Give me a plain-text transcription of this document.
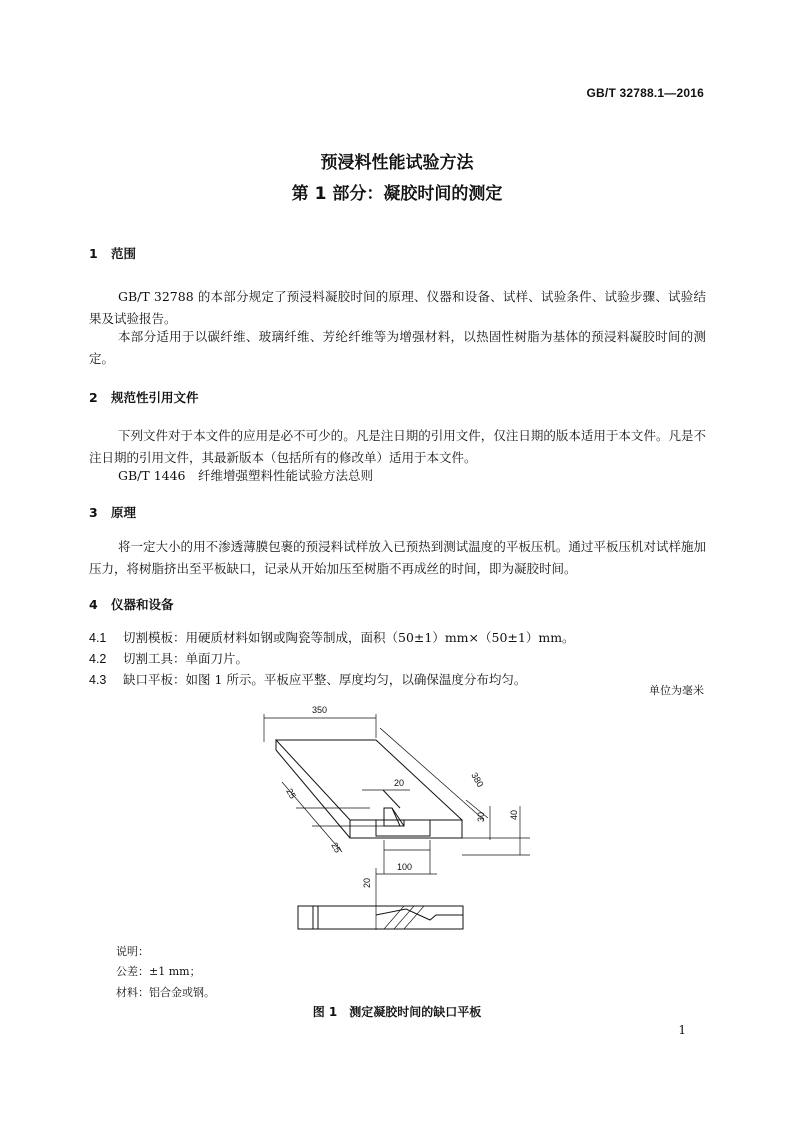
GB/T 32788.1—2016
预浸料性能试验方法
第 1 部分：凝胶时间的测定
1 范围
GB/T 32788 的本部分规定了预浸料凝胶时间的原理、仪器和设备、试样、试验条件、试验步骤、试验结果及试验报告。
本部分适用于以碳纤维、玻璃纤维、芳纶纤维等为增强材料，以热固性树脂为基体的预浸料凝胶时间的测定。
2 规范性引用文件
下列文件对于本文件的应用是必不可少的。凡是注日期的引用文件，仅注日期的版本适用于本文件。凡是不注日期的引用文件，其最新版本（包括所有的修改单）适用于本文件。
GB/T 1446　纤维增强塑料性能试验方法总则
3 原理
将一定大小的用不渗透薄膜包裹的预浸料试样放入已预热到测试温度的平板压机。通过平板压机对试样施加压力，将树脂挤出至平板缺口，记录从开始加压至树脂不再成丝的时间，即为凝胶时间。
4 仪器和设备
4.1 切割模板：用硬质材料如钢或陶瓷等制成，面积（50±1）mm×（50±1）mm。
4.2 切割工具：单面刀片。
4.3 缺口平板：如图 1 所示。平板应平整、厚度均匀，以确保温度分布均匀。
单位为毫米
350
380
20
25
25
30	40
100
20
说明：
公差：±1 mm；
材料：铝合金或钢。
图 1　测定凝胶时间的缺口平板
1
